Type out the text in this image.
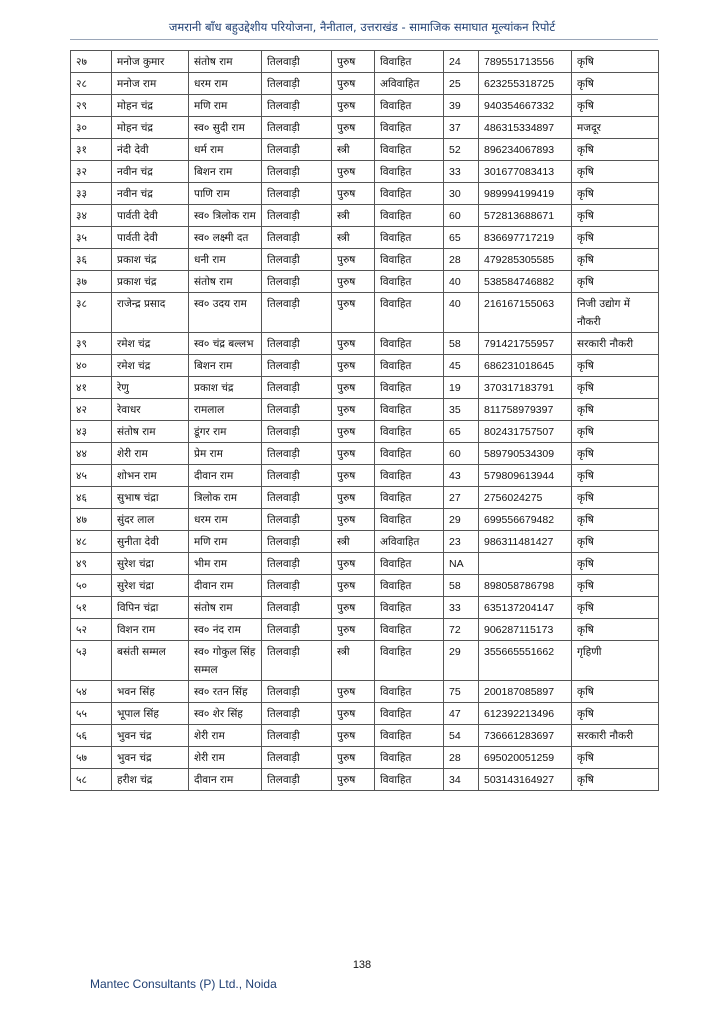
जमरानी बाँध बहुउद्देशीय परियोजना, नैनीताल, उत्तराखंड - सामाजिक समाघात मूल्यांकन रिपोर्ट
२७	मनोज कुमार	संतोष राम	तिलवाड़ी	पुरुष	विवाहित	24	789551713556	कृषि
२८	मनोज राम	धरम राम	तिलवाड़ी	पुरुष	अविवाहित	25	623255318725	कृषि
२९	मोहन चंद्र	मणि राम	तिलवाड़ी	पुरुष	विवाहित	39	940354667332	कृषि
३०	मोहन चंद्र	स्व० सुदी राम	तिलवाड़ी	पुरुष	विवाहित	37	486315334897	मजदूर
३१	नंदी देवी	धर्म राम	तिलवाड़ी	स्त्री	विवाहित	52	896234067893	कृषि
३२	नवीन चंद्र	बिशन राम	तिलवाड़ी	पुरुष	विवाहित	33	301677083413	कृषि
३३	नवीन चंद्र	पाणि राम	तिलवाड़ी	पुरुष	विवाहित	30	989994199419	कृषि
३४	पार्वती देवी	स्व० त्रिलोक राम	तिलवाड़ी	स्त्री	विवाहित	60	572813688671	कृषि
३५	पार्वती देवी	स्व० लक्ष्मी दत	तिलवाड़ी	स्त्री	विवाहित	65	836697717219	कृषि
३६	प्रकाश चंद्र	धनी राम	तिलवाड़ी	पुरुष	विवाहित	28	479285305585	कृषि
३७	प्रकाश चंद्र	संतोष राम	तिलवाड़ी	पुरुष	विवाहित	40	538584746882	कृषि
३८	राजेन्द्र प्रसाद	स्व० उदय राम	तिलवाड़ी	पुरुष	विवाहित	40	216167155063	निजी उद्योग में नौकरी
३९	रमेश चंद्र	स्व० चंद्र बल्लभ	तिलवाड़ी	पुरुष	विवाहित	58	791421755957	सरकारी नौकरी
४०	रमेश चंद्र	बिशन राम	तिलवाड़ी	पुरुष	विवाहित	45	686231018645	कृषि
४१	रेणु	प्रकाश चंद्र	तिलवाड़ी	पुरुष	विवाहित	19	370317183791	कृषि
४२	रेवाधर	रामलाल	तिलवाड़ी	पुरुष	विवाहित	35	811758979397	कृषि
४३	संतोष राम	डूंगर राम	तिलवाड़ी	पुरुष	विवाहित	65	802431757507	कृषि
४४	शेरी राम	प्रेम राम	तिलवाड़ी	पुरुष	विवाहित	60	589790534309	कृषि
४५	शोभन राम	दीवान राम	तिलवाड़ी	पुरुष	विवाहित	43	579809613944	कृषि
४६	सुभाष चंद्रा	त्रिलोक राम	तिलवाड़ी	पुरुष	विवाहित	27	2756024275	कृषि
४७	सुंदर लाल	धरम राम	तिलवाड़ी	पुरुष	विवाहित	29	699556679482	कृषि
४८	सुनीता देवी	मणि राम	तिलवाड़ी	स्त्री	अविवाहित	23	986311481427	कृषि
४९	सुरेश चंद्रा	भीम राम	तिलवाड़ी	पुरुष	विवाहित	NA		कृषि
५०	सुरेश चंद्रा	दीवान राम	तिलवाड़ी	पुरुष	विवाहित	58	898058786798	कृषि
५१	विपिन चंद्रा	संतोष राम	तिलवाड़ी	पुरुष	विवाहित	33	635137204147	कृषि
५२	विशन राम	स्व० नंद राम	तिलवाड़ी	पुरुष	विवाहित	72	906287115173	कृषि
५३	बसंती सम्मल	स्व० गोकुल सिंह सम्मल	तिलवाड़ी	स्त्री	विवाहित	29	355665551662	गृहिणी
५४	भवन सिंह	स्व० रतन सिंह	तिलवाड़ी	पुरुष	विवाहित	75	200187085897	कृषि
५५	भूपाल सिंह	स्व० शेर सिंह	तिलवाड़ी	पुरुष	विवाहित	47	612392213496	कृषि
५६	भुवन चंद्र	शेरी राम	तिलवाड़ी	पुरुष	विवाहित	54	736661283697	सरकारी नौकरी
५७	भुवन चंद्र	शेरी राम	तिलवाड़ी	पुरुष	विवाहित	28	695020051259	कृषि
५८	हरीश चंद्र	दीवान राम	तिलवाड़ी	पुरुष	विवाहित	34	503143164927	कृषि
138
Mantec Consultants (P) Ltd., Noida
